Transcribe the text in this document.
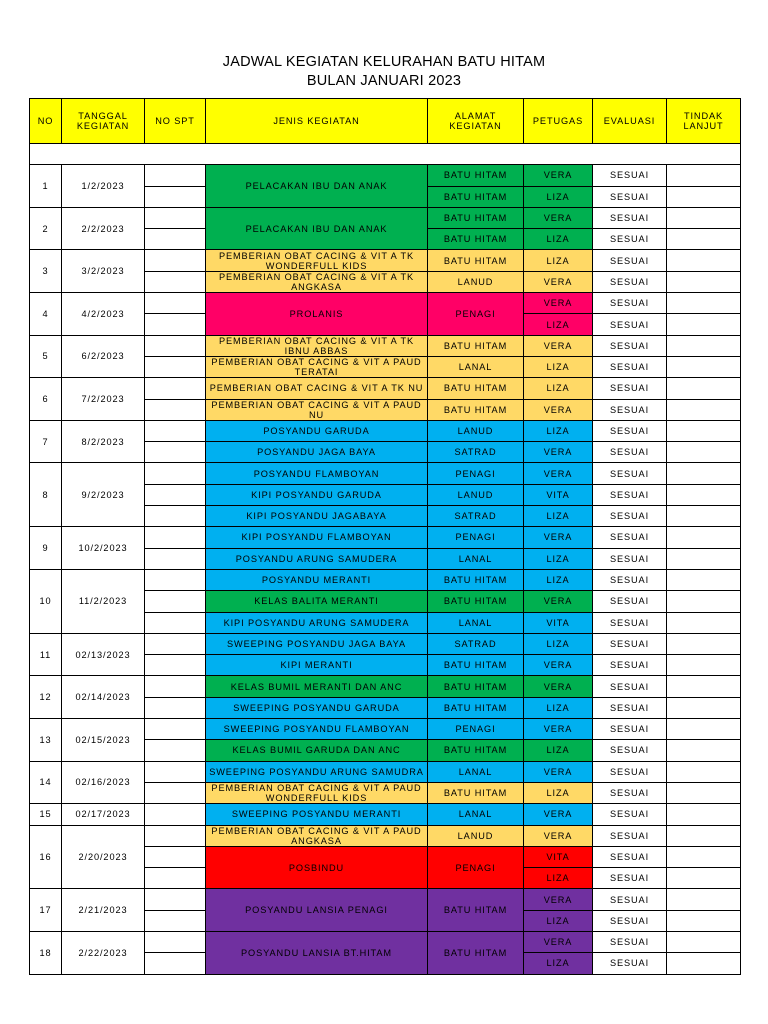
JADWAL KEGIATAN KELURAHAN BATU HITAM
BULAN JANUARI 2023
NO	TANGGAL KEGIATAN	NO SPT	JENIS KEGIATAN	ALAMAT KEGIATAN	PETUGAS	EVALUASI	TINDAK LANJUT

1	1/2/2023		PELACAKAN IBU DAN ANAK	BATU HITAM	VERA	SESUAI	
				BATU HITAM	LIZA	SESUAI	
2	2/2/2023		PELACAKAN IBU DAN ANAK	BATU HITAM	VERA	SESUAI	
				BATU HITAM	LIZA	SESUAI	
3	3/2/2023		PEMBERIAN OBAT CACING & VIT A TK WONDERFULL KIDS	BATU HITAM	LIZA	SESUAI	
			PEMBERIAN OBAT CACING & VIT A TK ANGKASA	LANUD	VERA	SESUAI	
4	4/2/2023		PROLANIS	PENAGI	VERA	SESUAI	
					LIZA	SESUAI	
5	6/2/2023		PEMBERIAN OBAT CACING & VIT A TK IBNU ABBAS	BATU HITAM	VERA	SESUAI	
			PEMBERIAN OBAT CACING & VIT A PAUD TERATAI	LANAL	LIZA	SESUAI	
6	7/2/2023		PEMBERIAN OBAT CACING & VIT A TK NU	BATU HITAM	LIZA	SESUAI	
			PEMBERIAN OBAT CACING & VIT A PAUD NU	BATU HITAM	VERA	SESUAI	
7	8/2/2023		POSYANDU GARUDA	LANUD	LIZA	SESUAI	
			POSYANDU JAGA BAYA	SATRAD	VERA	SESUAI	
8	9/2/2023		POSYANDU FLAMBOYAN	PENAGI	VERA	SESUAI	
			KIPI POSYANDU GARUDA	LANUD	VITA	SESUAI	
			KIPI POSYANDU JAGABAYA	SATRAD	LIZA	SESUAI	
9	10/2/2023		KIPI POSYANDU FLAMBOYAN	PENAGI	VERA	SESUAI	
			POSYANDU ARUNG SAMUDERA	LANAL	LIZA	SESUAI	
10	11/2/2023		POSYANDU MERANTI	BATU HITAM	LIZA	SESUAI	
			KELAS BALITA MERANTI	BATU HITAM	VERA	SESUAI	
			KIPI POSYANDU ARUNG SAMUDERA	LANAL	VITA	SESUAI	
11	02/13/2023		SWEEPING POSYANDU JAGA BAYA	SATRAD	LIZA	SESUAI	
			KIPI MERANTI	BATU HITAM	VERA	SESUAI	
12	02/14/2023		KELAS BUMIL MERANTI DAN ANC	BATU HITAM	VERA	SESUAI	
			SWEEPING POSYANDU GARUDA	BATU HITAM	LIZA	SESUAI	
13	02/15/2023		SWEEPING POSYANDU FLAMBOYAN	PENAGI	VERA	SESUAI	
			KELAS BUMIL GARUDA DAN ANC	BATU HITAM	LIZA	SESUAI	
14	02/16/2023		SWEEPING POSYANDU ARUNG SAMUDRA	LANAL	VERA	SESUAI	
			PEMBERIAN OBAT CACING & VIT A PAUD WONDERFULL KIDS	BATU HITAM	LIZA	SESUAI	
15	02/17/2023		SWEEPING POSYANDU MERANTI	LANAL	VERA	SESUAI	
16	2/20/2023		PEMBERIAN OBAT CACING & VIT A PAUD ANGKASA	LANUD	VERA	SESUAI	
			POSBINDU	PENAGI	VITA	SESUAI	
					LIZA	SESUAI	
17	2/21/2023		POSYANDU LANSIA PENAGI	BATU HITAM	VERA	SESUAI	
					LIZA	SESUAI	
18	2/22/2023		POSYANDU LANSIA BT.HITAM	BATU HITAM	VERA	SESUAI	
					LIZA	SESUAI	
